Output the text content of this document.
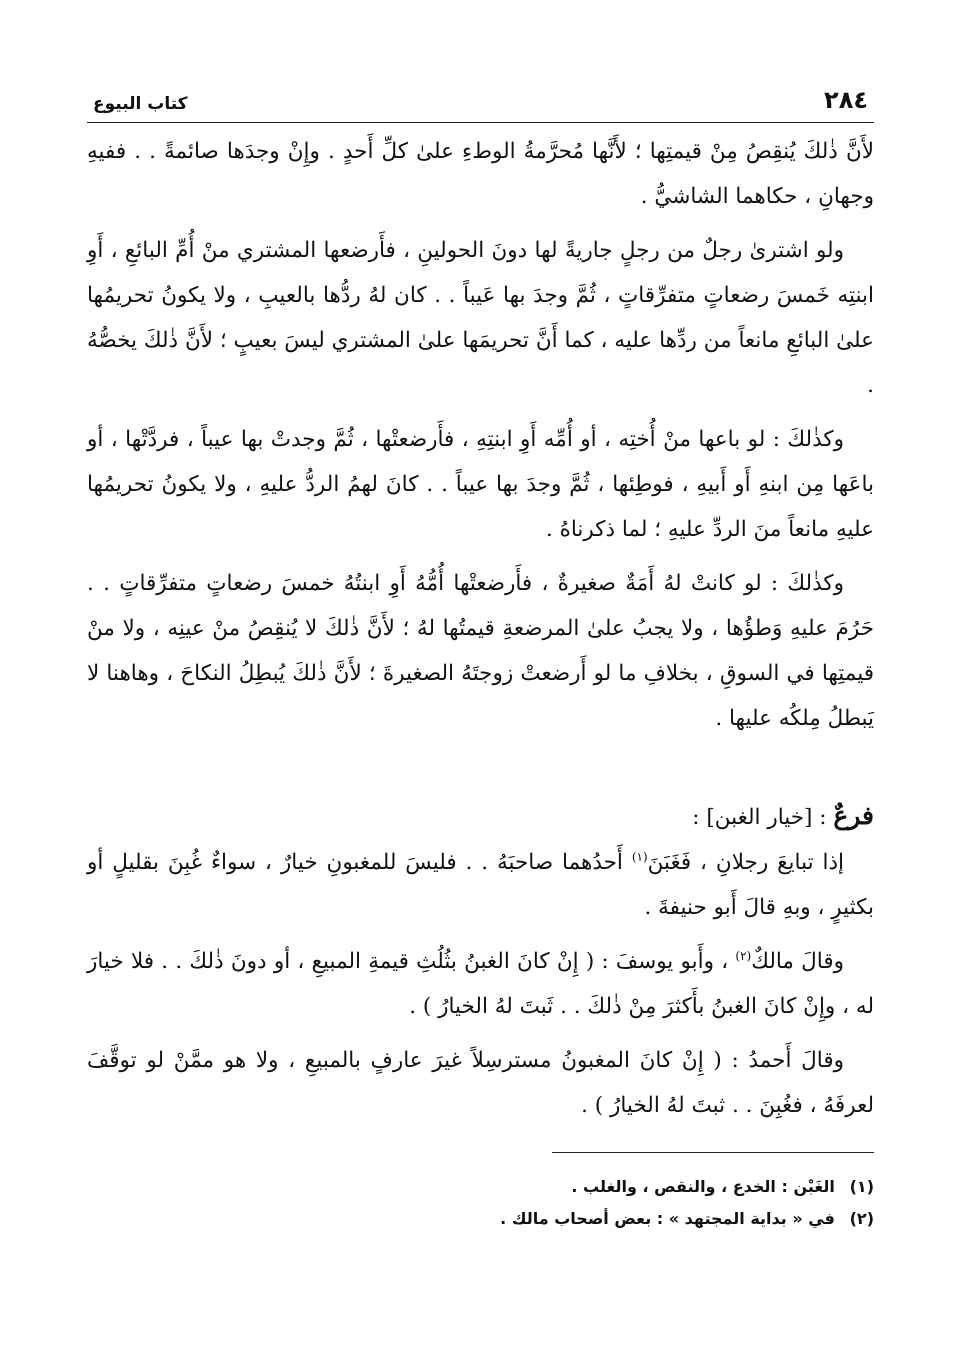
٢٨٤
كتاب البيوع

لأَنَّ ذٰلكَ يُنقِصُ مِنْ قيمتِها ؛ لأَنَّها مُحرَّمةُ الوطءِ علىٰ كلِّ أَحدٍ . وإِنْ وجدَها صائمةً . . ففيهِ وجهانِ ، حكاهما الشاشيُّ .

ولو اشترىٰ رجلٌ من رجلٍ جاريةً لها دونَ الحولينِ ، فأَرضعها المشتري منْ أُمِّ البائعِ ، أَوِ ابنتِه خَمسَ رضعاتٍ متفرِّقاتٍ ، ثُمَّ وجدَ بها عَيباً . . كان لهُ ردُّها بالعيبِ ، ولا يكونُ تحريمُها علىٰ البائعِ مانعاً من ردِّها عليه ، كما أَنَّ تحريمَها علىٰ المشتري ليسَ بعيبٍ ؛ لأَنَّ ذٰلكَ يخصُّهُ .

وكذٰلكَ : لو باعها منْ أُختِه ، أو أُمِّه أَوِ ابنتِهِ ، فأَرضعتْها ، ثُمَّ وجدتْ بها عيباً ، فردَّتْها ، أو باعَها مِن ابنهِ أَو أَبيهِ ، فوطِئها ، ثُمَّ وجدَ بها عيباً . . كانَ لهمُ الردُّ عليهِ ، ولا يكونُ تحريمُها عليهِ مانعاً منَ الردِّ عليهِ ؛ لما ذكرناهُ .

وكذٰلكَ : لو كانتْ لهُ أَمَةٌ صغيرةٌ ، فأَرضعتْها أُمُّهُ أَوِ ابنتُهُ خمسَ رضعاتٍ متفرِّقاتٍ . . حَرُمَ عليهِ وَطؤُها ، ولا يجبُ علىٰ المرضعةِ قيمتُها لهُ ؛ لأَنَّ ذٰلكَ لا يُنقِصُ منْ عينِه ، ولا منْ قيمتِها في السوقِ ، بخلافِ ما لو أَرضعتْ زوجتَهُ الصغيرةَ ؛ لأَنَّ ذٰلكَ يُبطِلُ النكاحَ ، وهاهنا لا يَبطلُ مِلكُه عليها .

فرعٌ : [خيار الغبن] :

إذا تبايعَ رجلانِ ، فَغَبَنَ$^{(١)}$ أَحدُهما صاحبَهُ . . فليسَ للمغبونِ خيارٌ ، سواءٌ غُبِنَ بقليلٍ أو بكثيرٍ ، وبهِ قالَ أَبو حنيفةَ .

وقالَ مالكٌ$^{(٢)}$ ، وأَبو يوسفَ : ( إِنْ كانَ الغبنُ بثُلُثِ قيمةِ المبيعِ ، أو دونَ ذٰلكَ . . فلا خيارَ له ، وإِنْ كانَ الغبنُ بأَكثرَ مِنْ ذٰلكَ . . ثَبتَ لهُ الخيارُ ) .

وقالَ أَحمدُ : ( إِنْ كانَ المغبونُ مسترسِلاً غيرَ عارفٍ بالمبيعِ ، ولا هو ممَّنْ لو توقَّفَ لعرفَهُ ، فغُبِنَ . . ثبتَ لهُ الخيارُ ) .

(١) الغَبْن : الخدع ، والنقص ، والغلب .
(٢) في « بداية المجتهد » : بعض أصحاب مالك .
